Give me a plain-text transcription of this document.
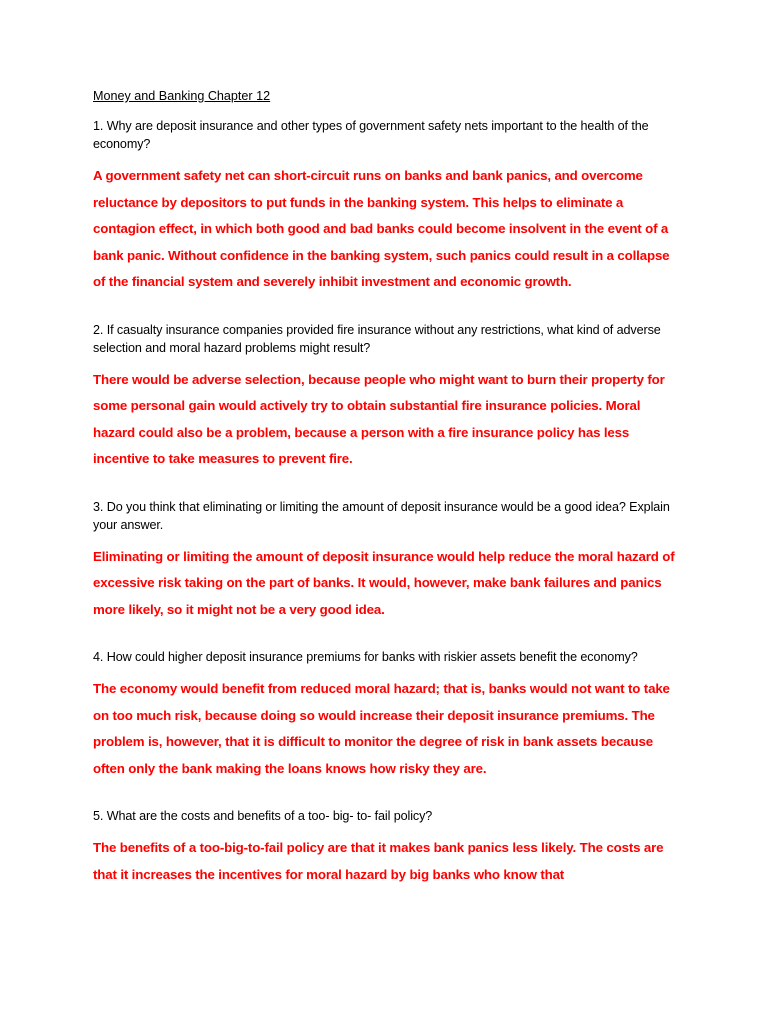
Money and Banking Chapter 12

1. Why are deposit insurance and other types of government safety nets important to the health of the economy?

A government safety net can short-circuit runs on banks and bank panics, and overcome reluctance by depositors to put funds in the banking system. This helps to eliminate a contagion effect, in which both good and bad banks could become insolvent in the event of a bank panic. Without confidence in the banking system, such panics could result in a collapse of the financial system and severely inhibit investment and economic growth.

2. If casualty insurance companies provided fire insurance without any restrictions, what kind of adverse selection and moral hazard problems might result?

There would be adverse selection, because people who might want to burn their property for some personal gain would actively try to obtain substantial fire insurance policies. Moral hazard could also be a problem, because a person with a fire insurance policy has less incentive to take measures to prevent fire.

3. Do you think that eliminating or limiting the amount of deposit insurance would be a good idea? Explain your answer.

Eliminating or limiting the amount of deposit insurance would help reduce the moral hazard of excessive risk taking on the part of banks. It would, however, make bank failures and panics more likely, so it might not be a very good idea.

4. How could higher deposit insurance premiums for banks with riskier assets benefit the economy?

The economy would benefit from reduced moral hazard; that is, banks would not want to take on too much risk, because doing so would increase their deposit insurance premiums. The problem is, however, that it is difficult to monitor the degree of risk in bank assets because often only the bank making the loans knows how risky they are.

5. What are the costs and benefits of a too- big- to- fail policy?

The benefits of a too-big-to-fail policy are that it makes bank panics less likely. The costs are that it increases the incentives for moral hazard by big banks who know that
